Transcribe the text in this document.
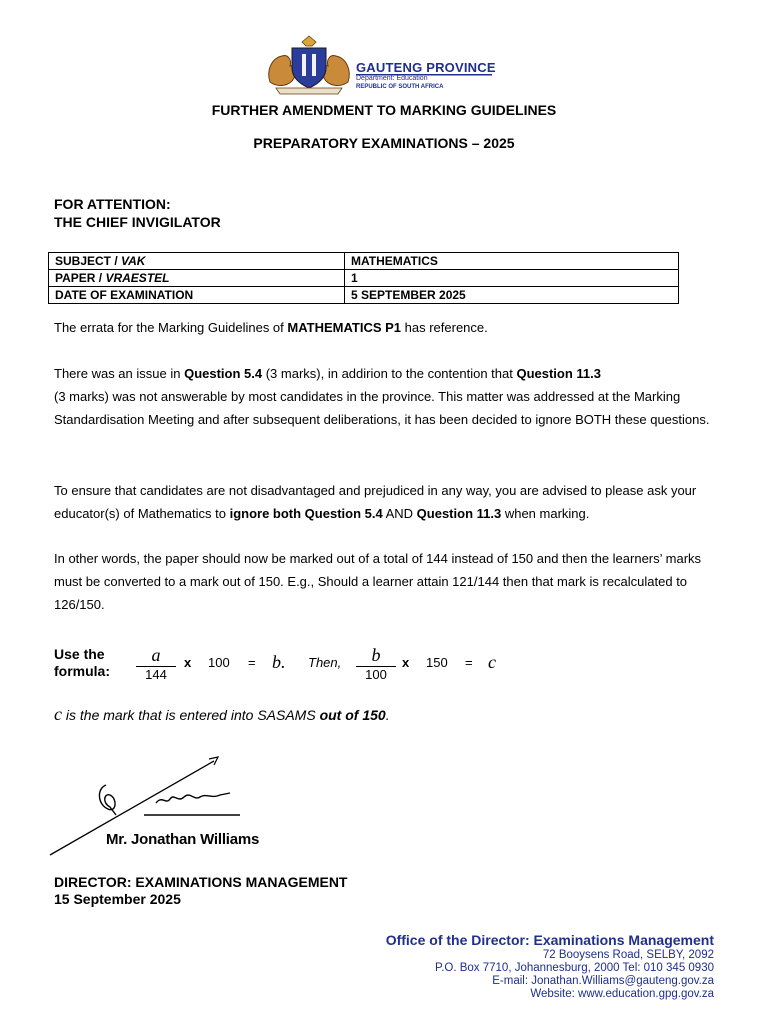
GAUTENG PROVINCE
Department: Education
REPUBLIC OF SOUTH AFRICA
FURTHER AMENDMENT TO MARKING GUIDELINES
PREPARATORY EXAMINATIONS – 2025
FOR ATTENTION:
THE CHIEF INVIGILATOR
SUBJECT / VAK	MATHEMATICS
PAPER / VRAESTEL	1
DATE OF EXAMINATION	5 SEPTEMBER 2025
The errata for the Marking Guidelines of MATHEMATICS P1 has reference.
There was an issue in Question 5.4 (3 marks), in addirion to the contention that Question 11.3
(3 marks) was not answerable by most candidates in the province. This matter was addressed at the Marking Standardisation Meeting and after subsequent deliberations, it has been decided to ignore BOTH these questions.
To ensure that candidates are not disadvantaged and prejudiced in any way, you are advised to please ask your educator(s) of Mathematics to ignore both Question 5.4 AND Question 11.3 when marking.
In other words, the paper should now be marked out of a total of 144 instead of 150 and then the learners’ marks must be converted to a mark out of 150. E.g., Should a learner attain 121/144 then that mark is recalculated to 126/150.
Use the
formula:
a
144
x 100 = b. Then,	b
100
x 150 = c
c is the mark that is entered into SASAMS out of 150.
Mr. Jonathan Williams
DIRECTOR: EXAMINATIONS MANAGEMENT
15 September 2025
Office of the Director: Examinations Management
72 Booysens Road, SELBY, 2092
P.O. Box 7710, Johannesburg, 2000 Tel: 010 345 0930
E-mail: Jonathan.Williams@gauteng.gov.za
Website: www.education.gpg.gov.za
